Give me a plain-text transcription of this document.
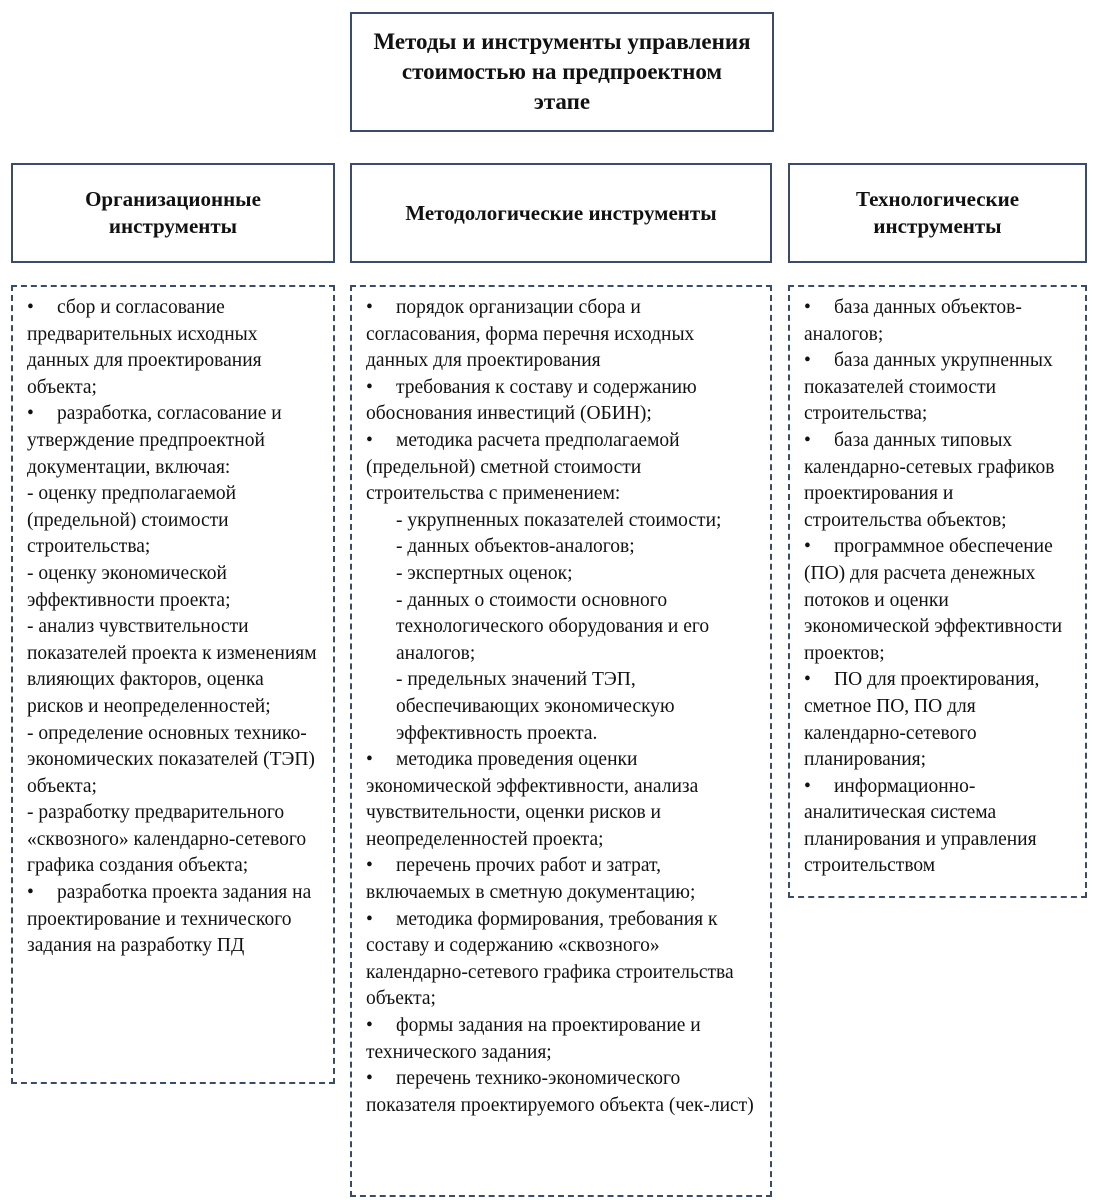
Методы и инструменты управления стоимостью на предпроектном этапе
Организационные инструменты
Методологические инструменты
Технологические инструменты
• сбор и согласование предварительных исходных данных для проектирования объекта;
• разработка, согласование и утверждение предпроектной документации, включая:
- оценку предполагаемой (предельной) стоимости строительства;
- оценку экономической эффективности проекта;
- анализ чувствительности показателей проекта к изменениям влияющих факторов, оценка рисков и неопределенностей;
- определение основных технико-экономических показателей (ТЭП) объекта;
- разработку предварительного «сквозного» календарно-сетевого графика создания объекта;
• разработка проекта задания на проектирование и технического задания на разработку ПД
• порядок организации сбора и согласования, форма перечня исходных данных для проектирования
• требования к составу и содержанию обоснования инвестиций (ОБИН);
• методика расчета предполагаемой (предельной) сметной стоимости строительства с применением:
- укрупненных показателей стоимости;
- данных объектов-аналогов;
- экспертных оценок;
- данных о стоимости основного технологического оборудования и его аналогов;
- предельных значений ТЭП, обеспечивающих экономическую эффективность проекта.
• методика проведения оценки экономической эффективности, анализа чувствительности, оценки рисков и неопределенностей проекта;
• перечень прочих работ и затрат, включаемых в сметную документацию;
• методика формирования, требования к составу и содержанию «сквозного» календарно-сетевого графика строительства объекта;
• формы задания на проектирование и технического задания;
• перечень технико-экономического показателя проектируемого объекта (чек-лист)
• база данных объектов-аналогов;
• база данных укрупненных показателей стоимости строительства;
• база данных типовых календарно-сетевых графиков проектирования и строительства объектов;
• программное обеспечение (ПО) для расчета денежных потоков и оценки экономической эффективности проектов;
• ПО для проектирования, сметное ПО, ПО для календарно-сетевого планирования;
• информационно-аналитическая система планирования и управления строительством
